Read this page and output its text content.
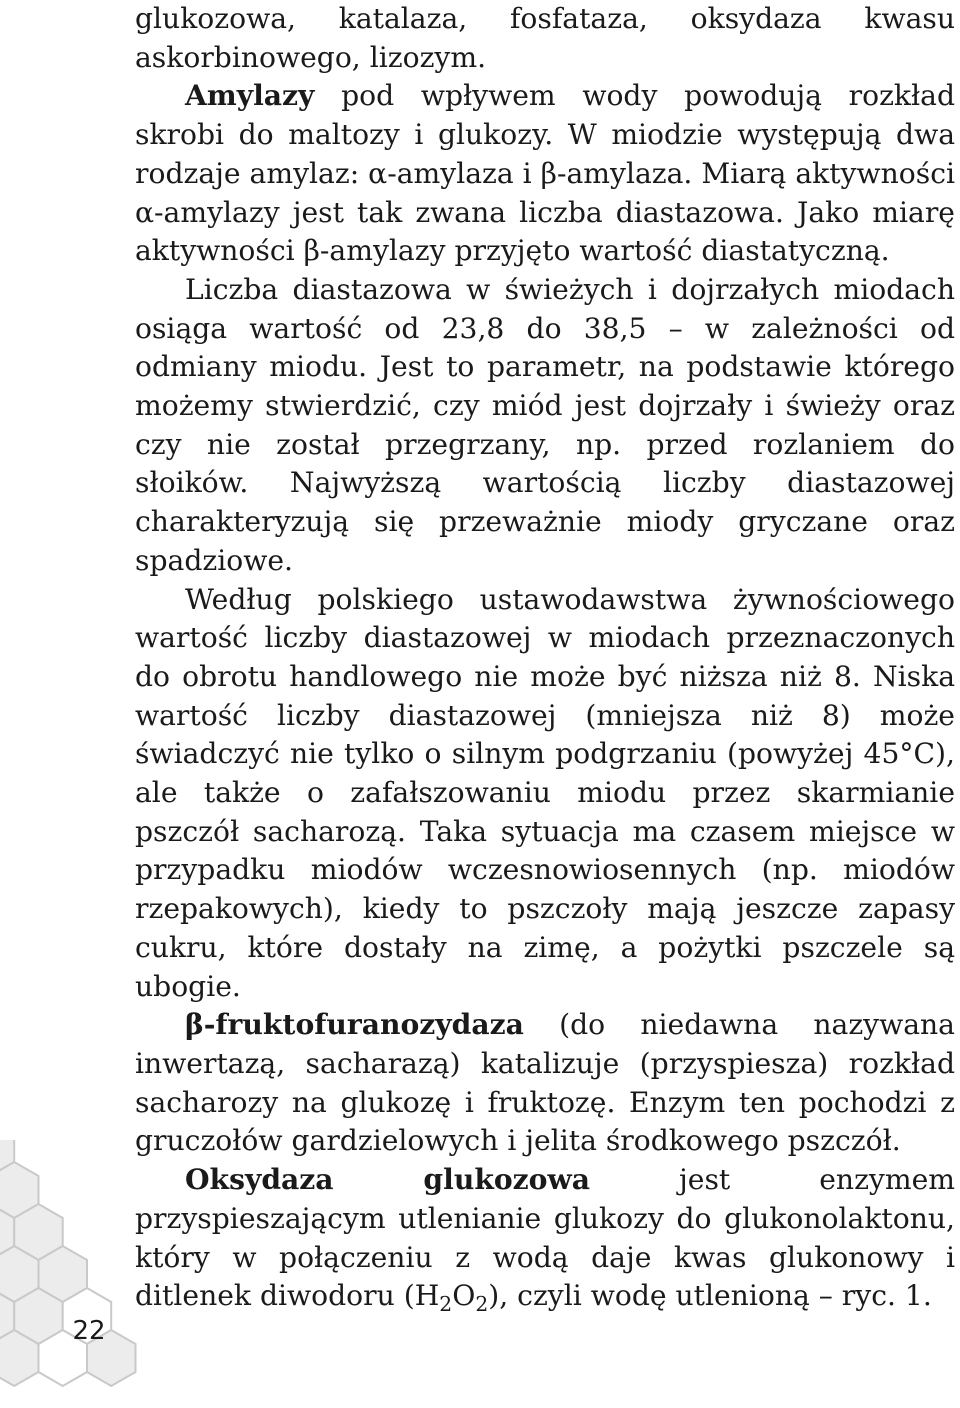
glukozowa, katalaza, fosfataza, oksydaza kwasu askorbinowego, lizozym.

Amylazy pod wpływem wody powodują rozkład skrobi do maltozy i glukozy. W miodzie występują dwa rodzaje amylaz: α-amylaza i β-amylaza. Miarą aktywności α-amylazy jest tak zwana liczba diastazowa. Jako miarę aktywności β-amylazy przyjęto wartość diastatyczną.

Liczba diastazowa w świeżych i dojrzałych miodach osiąga wartość od 23,8 do 38,5 – w zależności od odmiany miodu. Jest to parametr, na podstawie którego możemy stwierdzić, czy miód jest dojrzały i świeży oraz czy nie został przegrzany, np. przed rozlaniem do słoików. Najwyższą wartością liczby diastazowej charakteryzują się przeważnie miody gryczane oraz spadziowe.

Według polskiego ustawodawstwa żywnościowego wartość liczby diastazowej w miodach przeznaczonych do obrotu handlowego nie może być niższa niż 8. Niska wartość liczby diastazowej (mniejsza niż 8) może świadczyć nie tylko o silnym podgrzaniu (powyżej 45°C), ale także o zafałszowaniu miodu przez skarmianie pszczół sacharozą. Taka sytuacja ma czasem miejsce w przypadku miodów wczesnowiosennych (np. miodów rzepakowych), kiedy to pszczoły mają jeszcze zapasy cukru, które dostały na zimę, a pożytki pszczele są ubogie.

β-fruktofuranozydaza (do niedawna nazywana inwertazą, sacharazą) katalizuje (przyspiesza) rozkład sacharozy na glukozę i fruktozę. Enzym ten pochodzi z gruczołów gardzielowych i jelita środkowego pszczół.

Oksydaza glukozowa jest enzymem przyspieszającym utlenianie glukozy do glukonolaktonu, który w połączeniu z wodą daje kwas glukonowy i ditlenek diwodoru $(H_2O_2)$, czyli wodę utlenioną – ryc. 1.

22
